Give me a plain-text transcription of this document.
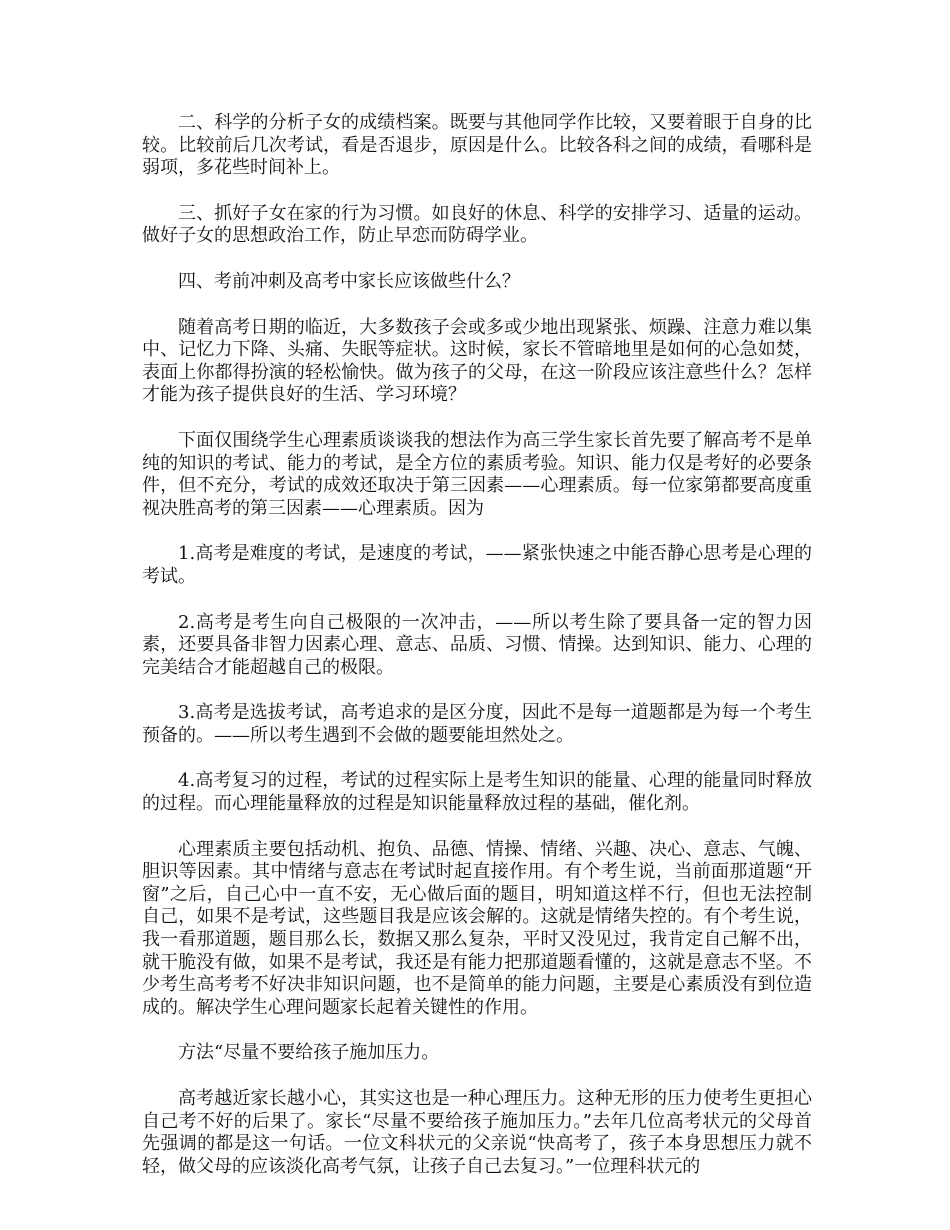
二、科学的分析子女的成绩档案。既要与其他同学作比较，又要着眼于自身的比较。比较前后几次考试，看是否退步，原因是什么。比较各科之间的成绩，看哪科是弱项，多花些时间补上。

三、抓好子女在家的行为习惯。如良好的休息、科学的安排学习、适量的运动。做好子女的思想政治工作，防止早恋而防碍学业。

四、考前冲刺及高考中家长应该做些什么？

随着高考日期的临近，大多数孩子会或多或少地出现紧张、烦躁、注意力难以集中、记忆力下降、头痛、失眠等症状。这时候，家长不管暗地里是如何的心急如焚，表面上你都得扮演的轻松愉快。做为孩子的父母，在这一阶段应该注意些什么？怎样才能为孩子提供良好的生活、学习环境？

下面仅围绕学生心理素质谈谈我的想法作为高三学生家长首先要了解高考不是单纯的知识的考试、能力的考试，是全方位的素质考验。知识、能力仅是考好的必要条件，但不充分，考试的成效还取决于第三因素——心理素质。每一位家第都要高度重视决胜高考的第三因素——心理素质。因为

1.高考是难度的考试，是速度的考试，——紧张快速之中能否静心思考是心理的考试。

2.高考是考生向自己极限的一次冲击，——所以考生除了要具备一定的智力因素，还要具备非智力因素心理、意志、品质、习惯、情操。达到知识、能力、心理的完美结合才能超越自己的极限。

3.高考是选拔考试，高考追求的是区分度，因此不是每一道题都是为每一个考生预备的。——所以考生遇到不会做的题要能坦然处之。

4.高考复习的过程，考试的过程实际上是考生知识的能量、心理的能量同时释放的过程。而心理能量释放的过程是知识能量释放过程的基础，催化剂。

心理素质主要包括动机、抱负、品德、情操、情绪、兴趣、决心、意志、气魄、胆识等因素。其中情绪与意志在考试时起直接作用。有个考生说，当前面那道题“开窗”之后，自己心中一直不安，无心做后面的题目，明知道这样不行，但也无法控制自己，如果不是考试，这些题目我是应该会解的。这就是情绪失控的。有个考生说，我一看那道题，题目那么长，数据又那么复杂，平时又没见过，我肯定自己解不出，就干脆没有做，如果不是考试，我还是有能力把那道题看懂的，这就是意志不坚。不少考生高考考不好决非知识问题，也不是简单的能力问题，主要是心素质没有到位造成的。解决学生心理问题家长起着关键性的作用。

方法“尽量不要给孩子施加压力。

高考越近家长越小心，其实这也是一种心理压力。这种无形的压力使考生更担心自己考不好的后果了。家长“尽量不要给孩子施加压力。”去年几位高考状元的父母首先强调的都是这一句话。一位文科状元的父亲说“快高考了，孩子本身思想压力就不轻，做父母的应该淡化高考气氛，让孩子自己去复习。”一位理科状元的
